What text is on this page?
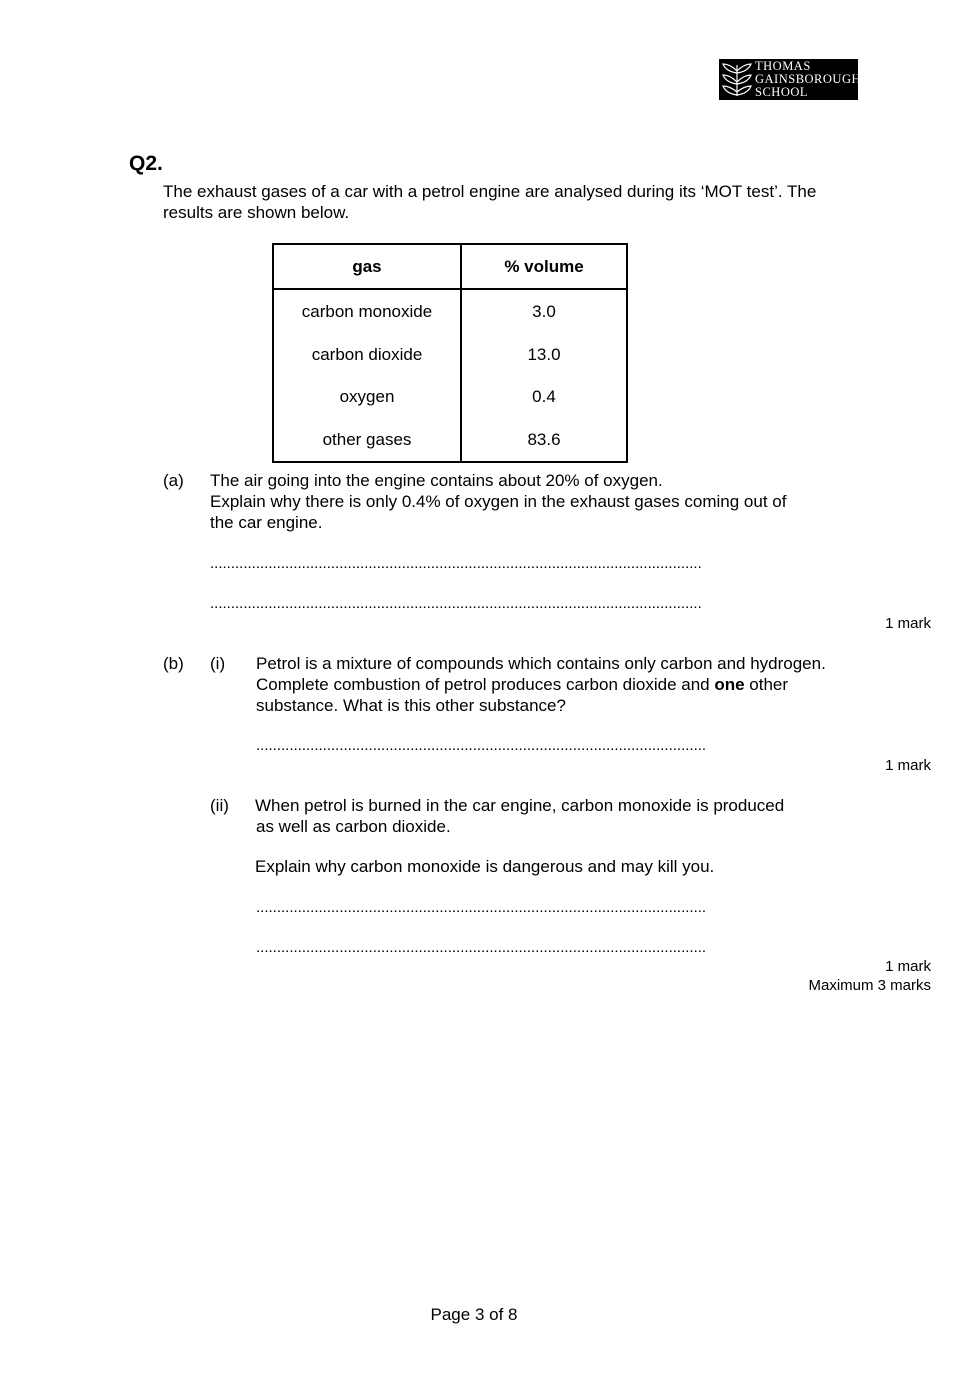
THOMAS
GAINSBOROUGH
SCHOOL
Q2.
The exhaust gases of a car with a petrol engine are analysed during its ‘MOT test’. The
results are shown below.
gas	% volume
carbon monoxide	3.0
carbon dioxide	13.0
oxygen	0.4
other gases	83.6
(a) The air going into the engine contains about 20% of oxygen.
Explain why there is only 0.4% of oxygen in the exhaust gases coming out of
the car engine.
......................................................................................................................
......................................................................................................................
1 mark
(b) (i) Petrol is a mixture of compounds which contains only carbon and hydrogen.
Complete combustion of petrol produces carbon dioxide and one other
substance. What is this other substance?
............................................................................................................
1 mark
(ii) When petrol is burned in the car engine, carbon monoxide is produced
as well as carbon dioxide.
Explain why carbon monoxide is dangerous and may kill you.
............................................................................................................
............................................................................................................
1 mark
Maximum 3 marks
Page 3 of 8
